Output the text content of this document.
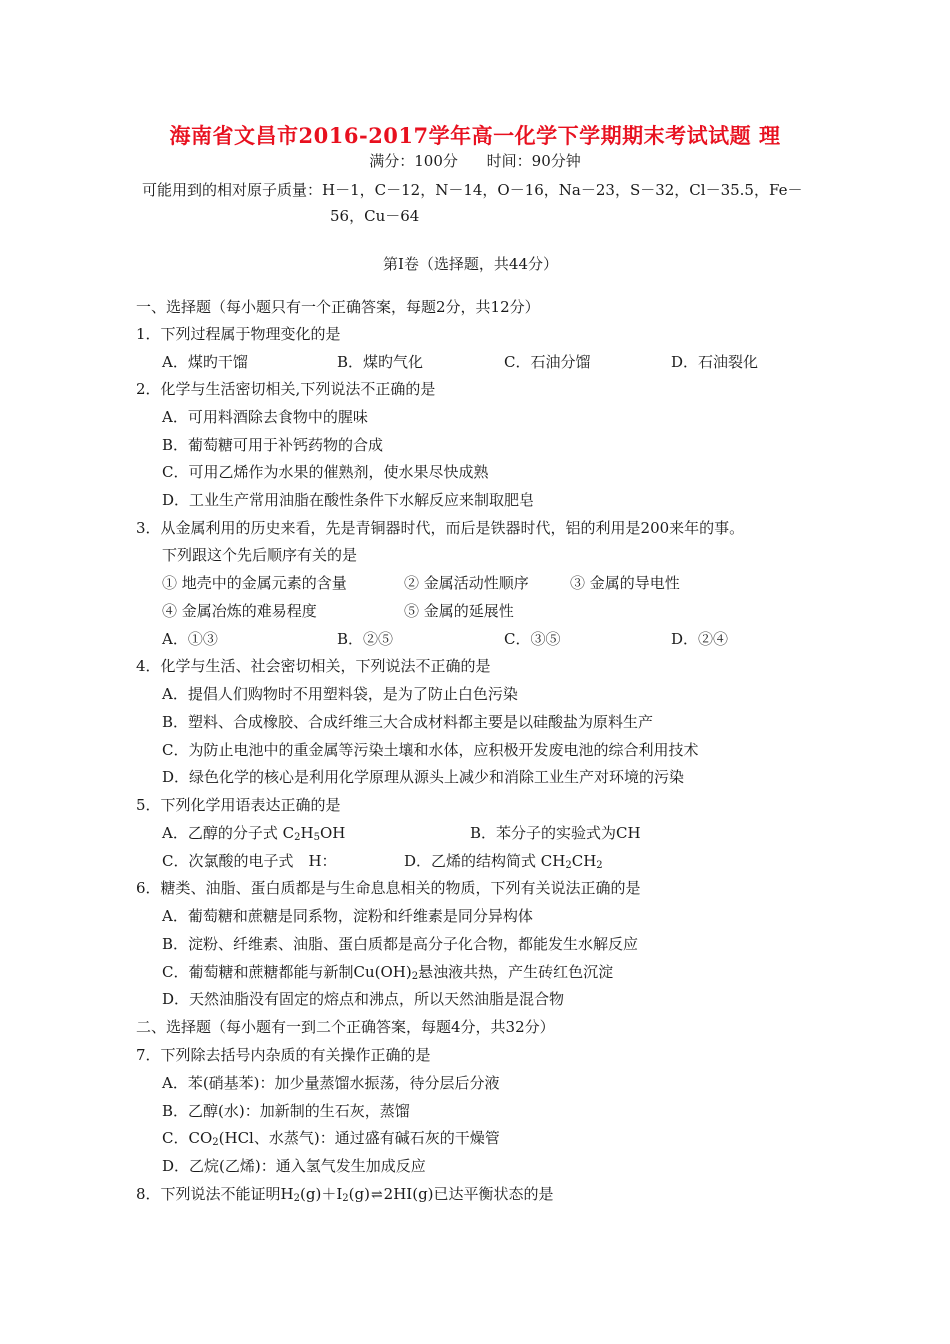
海南省文昌市2016-2017学年高一化学下学期期末考试试题 理
满分：100分 时间：90分钟
可能用到的相对原子质量：H－1，C－12，N－14，O－16，Na－23，S－32，Cl－35.5，Fe－
56，Cu－64
第Ⅰ卷（选择题，共44分）
一、选择题（每小题只有一个正确答案，每题2分，共12分）
1．下列过程属于物理变化的是
A．煤旳干馏	B．煤旳气化	C．石油分馏	D．石油裂化
2．化学与生活密切相关,下列说法不正确的是
A．可用料酒除去食物中的腥味
B．葡萄糖可用于补钙药物的合成
C．可用乙烯作为水果的催熟剂，使水果尽快成熟
D．工业生产常用油脂在酸性条件下水解反应来制取肥皂
3．从金属利用的历史来看，先是青铜器时代，而后是铁器时代，铝的利用是200来年的事。
下列跟这个先后顺序有关的是
① 地壳中的金属元素的含量	② 金属活动性顺序	③ 金属的导电性
④ 金属冶炼的难易程度	⑤ 金属的延展性
A．①③	B．②⑤	C．③⑤	D．②④
4．化学与生活、社会密切相关，下列说法不正确的是
A．提倡人们购物时不用塑料袋，是为了防止白色污染
B．塑料、合成橡胶、合成纤维三大合成材料都主要是以硅酸盐为原料生产
C．为防止电池中的重金属等污染土壤和水体，应积极开发废电池的综合利用技术
D．绿色化学的核心是利用化学原理从源头上减少和消除工业生产对环境的污染
5．下列化学用语表达正确的是
A．乙醇的分子式 $C_2H_5OH$	B．苯分子的实验式为CH
C．次氯酸的电子式　H：	D．乙烯的结构简式 $CH_2CH_2$
6．糖类、油脂、蛋白质都是与生命息息相关的物质，下列有关说法正确的是
A．葡萄糖和蔗糖是同系物，淀粉和纤维素是同分异构体
B．淀粉、纤维素、油脂、蛋白质都是高分子化合物，都能发生水解反应
C．葡萄糖和蔗糖都能与新制$Cu(OH)_2$悬浊液共热，产生砖红色沉淀
D．天然油脂没有固定的熔点和沸点，所以天然油脂是混合物
二、选择题（每小题有一到二个正确答案，每题4分，共32分）
7．下列除去括号内杂质的有关操作正确的是
A．苯(硝基苯)：加少量蒸馏水振荡，待分层后分液
B．乙醇(水)：加新制的生石灰，蒸馏
C．$CO_2(HCl$、水蒸气)：通过盛有碱石灰的干燥管
D．乙烷(乙烯)：通入氢气发生加成反应
8．下列说法不能证明$H_2(g)+I_2(g)\rightleftharpoons 2HI(g)$已达平衡状态的是
